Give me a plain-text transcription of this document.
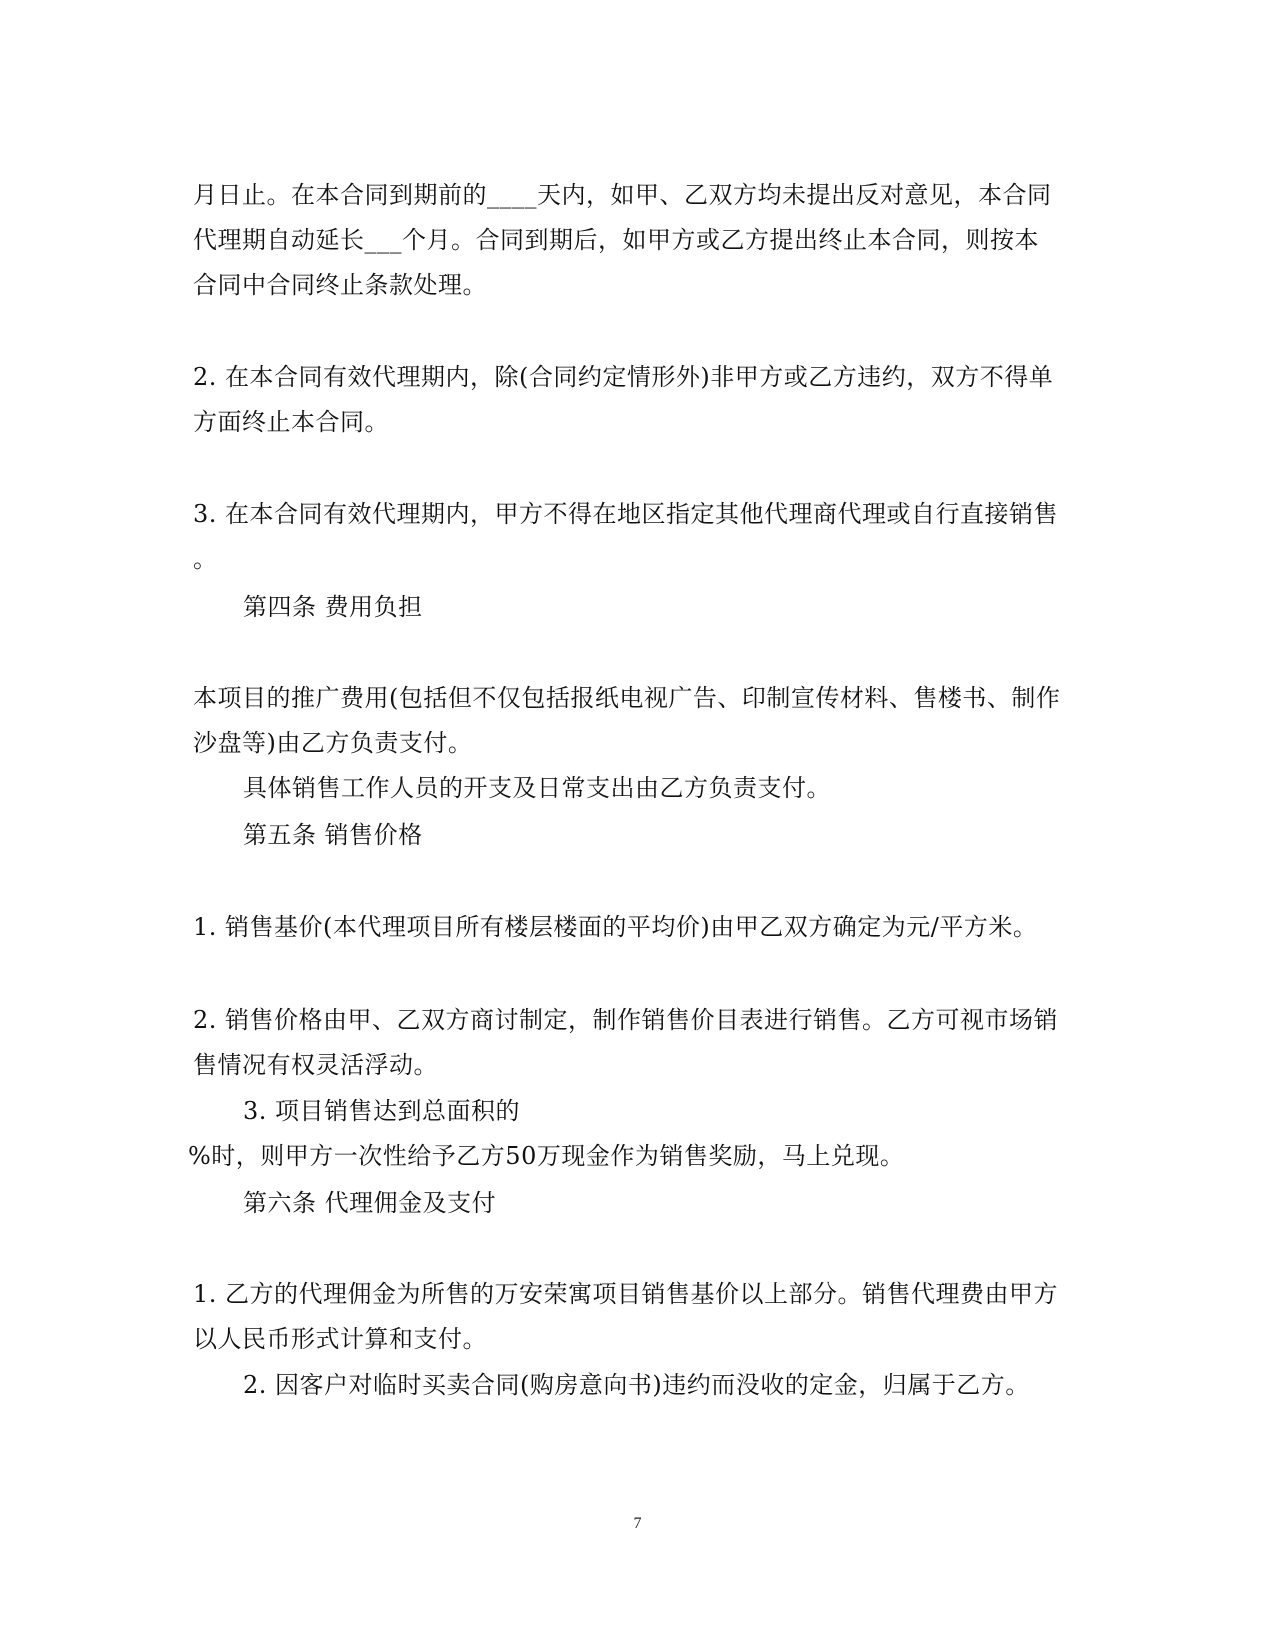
月日止。在本合同到期前的____天内，如甲、乙双方均未提出反对意见，本合同
代理期自动延长___个月。合同到期后，如甲方或乙方提出终止本合同，则按本
合同中合同终止条款处理。
2. 在本合同有效代理期内，除(合同约定情形外)非甲方或乙方违约，双方不得单
方面终止本合同。
3. 在本合同有效代理期内，甲方不得在地区指定其他代理商代理或自行直接销售
。
第四条 费用负担
本项目的推广费用(包括但不仅包括报纸电视广告、印制宣传材料、售楼书、制作
沙盘等)由乙方负责支付。
具体销售工作人员的开支及日常支出由乙方负责支付。
第五条 销售价格
1. 销售基价(本代理项目所有楼层楼面的平均价)由甲乙双方确定为元/平方米。
2. 销售价格由甲、乙双方商讨制定，制作销售价目表进行销售。乙方可视市场销
售情况有权灵活浮动。
3. 项目销售达到总面积的
%时，则甲方一次性给予乙方50万现金作为销售奖励，马上兑现。
第六条 代理佣金及支付
1. 乙方的代理佣金为所售的万安荣寓项目销售基价以上部分。销售代理费由甲方
以人民币形式计算和支付。
2. 因客户对临时买卖合同(购房意向书)违约而没收的定金，归属于乙方。
7
